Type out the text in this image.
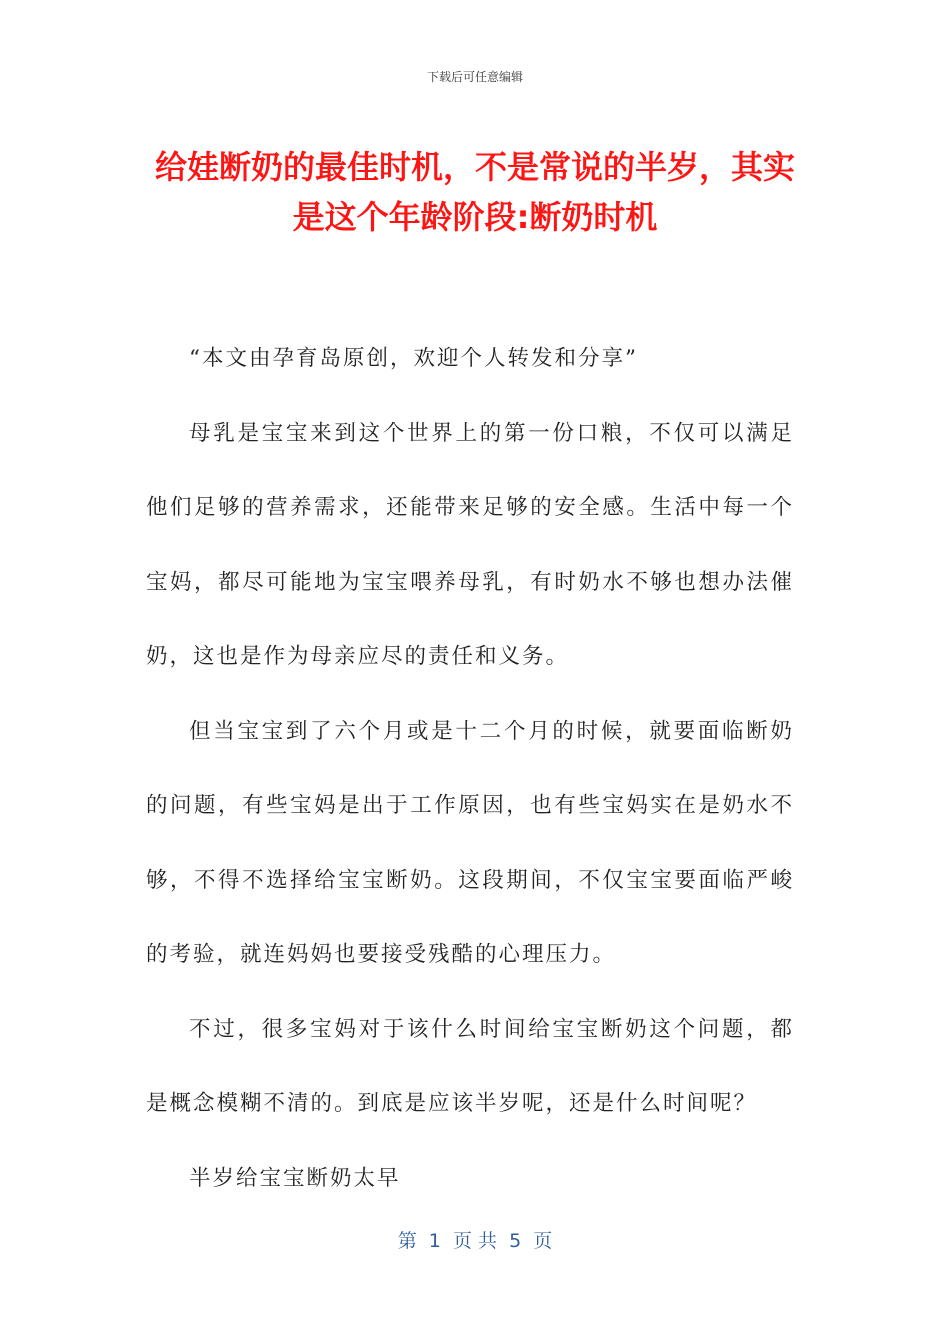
下载后可任意编辑
给娃断奶的最佳时机，不是常说的半岁，其实是这个年龄阶段:断奶时机

“本文由孕育岛原创，欢迎个人转发和分享”

母乳是宝宝来到这个世界上的第一份口粮，不仅可以满足他们足够的营养需求，还能带来足够的安全感。生活中每一个宝妈，都尽可能地为宝宝喂养母乳，有时奶水不够也想办法催奶，这也是作为母亲应尽的责任和义务。

但当宝宝到了六个月或是十二个月的时候，就要面临断奶的问题，有些宝妈是出于工作原因，也有些宝妈实在是奶水不够，不得不选择给宝宝断奶。这段期间，不仅宝宝要面临严峻的考验，就连妈妈也要接受残酷的心理压力。

不过，很多宝妈对于该什么时间给宝宝断奶这个问题，都是概念模糊不清的。到底是应该半岁呢，还是什么时间呢？

半岁给宝宝断奶太早

第  1  页 共  5  页
